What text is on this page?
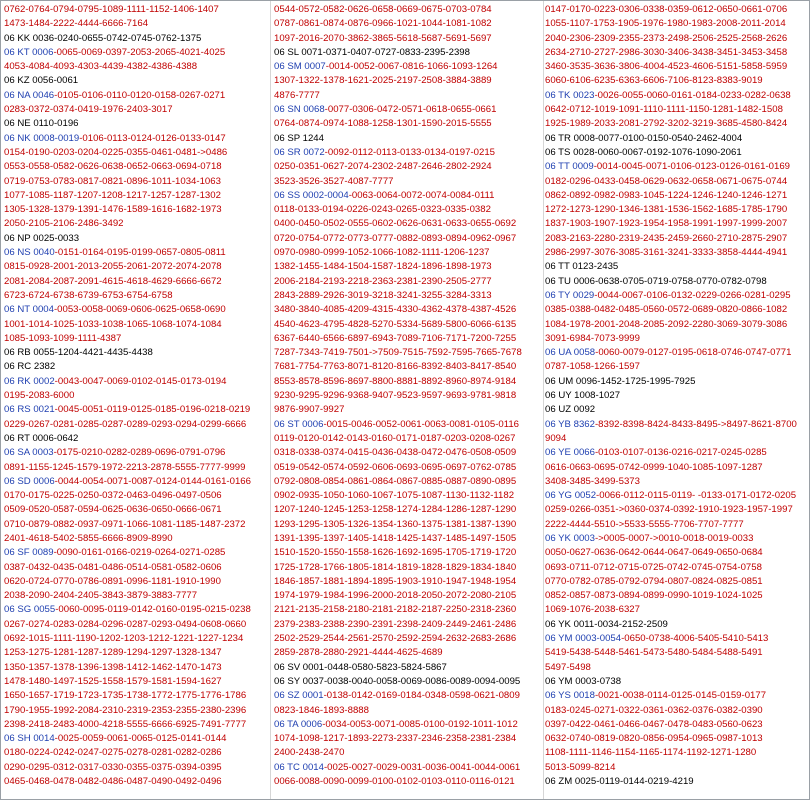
0762-0764-0794-0795-1089-1111-1152-1406-1407
1473-1484-2222-4444-6666-7164
06 KK 0036-0240-0655-0742-0745-0762-1375
06 KT 0006-0065-0069-0397-2053-2065-4021-4025
4053-4084-4093-4303-4439-4382-4386-4388
06 KZ 0056-0061
06 NA 0046-0105-0106-0110-0120-0158-0267-0271
0283-0372-0374-0419-1976-2403-3017
06 NE 0110-0196
06 NK 0008-0019-0106-0113-0124-0126-0133-0147
0154-0190-0203-0204-0225-0355-0461-0481->0486
0553-0558-0582-0626-0638-0652-0663-0694-0718
0719-0753-0783-0817-0821-0896-1011-1034-1063
1077-1085-1187-1207-1208-1217-1257-1287-1302
1305-1328-1379-1391-1476-1589-1616-1682-1973
2050-2105-2106-2486-3492
06 NP 0025-0033
06 NS 0040-0151-0164-0195-0199-0657-0805-0811
0815-0928-2001-2013-2055-2061-2072-2074-2078
2081-2084-2087-2091-4615-4618-4629-6666-6672
6723-6724-6738-6739-6753-6754-6758
06 NT 0004-0053-0058-0069-0606-0625-0658-0690
1001-1014-1025-1033-1038-1065-1068-1074-1084
1085-1093-1099-1111-4387
06 RB 0055-1204-4421-4435-4438
06 RC 2382
06 RK 0002-0043-0047-0069-0102-0145-0173-0194
0195-2083-6000
06 RS 0021-0045-0051-0119-0125-0185-0196-0218-0219
0229-0267-0281-0285-0287-0289-0293-0294-0299-6666
06 RT 0006-0642
06 SA 0003-0175-0210-0282-0289-0696-0791-0796
0891-1155-1245-1579-1972-2213-2878-5555-7777-9999
06 SD 0006-0044-0054-0071-0087-0124-0144-0161-0166
0170-0175-0225-0250-0372-0463-0496-0497-0506
0509-0520-0587-0594-0625-0636-0650-0666-0671
0710-0879-0882-0937-0971-1066-1081-1185-1487-2372
2401-4618-5402-5855-6666-8909-8990
06 SF 0089-0090-0161-0166-0219-0264-0271-0285
0387-0432-0435-0481-0486-0514-0581-0582-0606
0620-0724-0770-0786-0891-0996-1181-1910-1990
2038-2090-2404-2405-3843-3879-3883-7777
06 SG 0055-0060-0095-0119-0142-0160-0195-0215-0238
0267-0274-0283-0284-0296-0287-0293-0494-0608-0660
0692-1015-1111-1190-1202-1203-1212-1221-1227-1234
1253-1275-1281-1287-1289-1294-1297-1328-1347
1350-1357-1378-1396-1398-1412-1462-1470-1473
1478-1480-1497-1525-1558-1579-1581-1594-1627
1650-1657-1719-1723-1735-1738-1772-1775-1776-1786
1790-1955-1992-2084-2310-2319-2353-2355-2380-2396
2398-2418-2483-4000-4218-5555-6666-6925-7491-7777
06 SH 0014-0025-0059-0061-0065-0125-0141-0144
0180-0224-0242-0247-0275-0278-0281-0282-0286
0290-0295-0312-0317-0330-0355-0375-0394-0395
0465-0468-0478-0482-0486-0487-0490-0492-0496
0544-0572-0582-0626-0658-0669-0675-0703-0784
0787-0861-0874-0876-0966-1021-1044-1081-1082
1097-2016-2070-3862-3865-5618-5687-5691-5697
06 SL 0071-0371-0407-0727-0833-2395-2398
06 SM 0007-0014-0052-0067-0816-1066-1093-1264
1307-1322-1378-1621-2025-2197-2508-3884-3889
4876-7777
06 SN 0068-0077-0306-0472-0571-0618-0655-0661
0764-0874-0974-1088-1258-1301-1590-2015-5555
06 SP 1244
06 SR 0072-0092-0112-0113-0133-0134-0197-0215
0250-0351-0627-2074-2302-2487-2646-2802-2924
3523-3526-3527-4087-7777
06 SS 0002-0004-0063-0064-0072-0074-0084-0111
0118-0133-0194-0226-0243-0265-0323-0335-0382
0400-0450-0502-0555-0602-0626-0631-0633-0655-0692
0720-0754-0772-0773-0777-0882-0893-0894-0962-0967
0970-0980-0999-1052-1066-1082-1111-1206-1237
1382-1455-1484-1504-1587-1824-1896-1898-1973
2006-2184-2193-2218-2363-2381-2390-2505-2777
2843-2889-2926-3019-3218-3241-3255-3284-3313
3480-3840-4085-4209-4315-4330-4362-4378-4387-4526
4540-4623-4795-4828-5270-5334-5689-5800-6066-6135
6367-6440-6566-6897-6943-7089-7106-7171-7200-7255
7287-7343-7419-7501->7509-7515-7592-7595-7665-7678
7681-7754-7763-8071-8120-8166-8392-8403-8417-8540
8553-8578-8596-8697-8800-8881-8892-8960-8974-9184
9230-9295-9296-9368-9407-9523-9597-9693-9781-9818
9876-9907-9927
06 ST 0006-0015-0046-0052-0061-0063-0081-0105-0116
0119-0120-0142-0143-0160-0171-0187-0203-0208-0267
0318-0338-0374-0415-0436-0438-0472-0476-0508-0509
0519-0542-0574-0592-0606-0693-0695-0697-0762-0785
0792-0808-0854-0861-0864-0867-0885-0887-0890-0895
0902-0935-1050-1060-1067-1075-1087-1130-1132-1182
1207-1240-1245-1253-1258-1274-1284-1286-1287-1290
1293-1295-1305-1326-1354-1360-1375-1381-1387-1390
1391-1395-1397-1405-1418-1425-1437-1485-1497-1505
1510-1520-1550-1558-1626-1692-1695-1705-1719-1720
1725-1728-1766-1805-1814-1819-1828-1829-1834-1840
1846-1857-1881-1894-1895-1903-1910-1947-1948-1954
1974-1979-1984-1996-2000-2018-2050-2072-2080-2105
2121-2135-2158-2180-2181-2182-2187-2250-2318-2360
2379-2383-2388-2390-2391-2398-2409-2449-2461-2486
2502-2529-2544-2561-2570-2592-2594-2632-2683-2686
2859-2878-2880-2921-4444-4625-4689
06 SV 0001-0448-0580-5823-5824-5867
06 SY 0037-0038-0040-0058-0069-0086-0089-0094-0095
06 SZ 0001-0138-0142-0169-0184-0348-0598-0621-0809
0823-1846-1893-8888
06 TA 0006-0034-0053-0071-0085-0100-0192-1011-1012
1074-1098-1217-1893-2273-2337-2346-2358-2381-2384
2400-2438-2470
06 TC 0014-0025-0027-0029-0031-0036-0041-0044-0061
0066-0088-0090-0099-0100-0102-0103-0110-0116-0121
0147-0170-0223-0306-0338-0359-0612-0650-0661-0706
1055-1107-1753-1905-1976-1980-1983-2008-2011-2014
2040-2306-2309-2355-2373-2498-2506-2525-2568-2626
2634-2710-2727-2986-3030-3406-3438-3451-3453-3458
3460-3535-3636-3806-4004-4523-4606-5151-5858-5959
6060-6106-6235-6363-6606-7106-8123-8383-9019
06 TK 0023-0026-0055-0060-0161-0184-0233-0282-0638
0642-0712-1019-1091-1110-1111-1150-1281-1482-1508
1925-1989-2033-2081-2792-3202-3219-3685-4580-8424
06 TR 0008-0077-0100-0150-0540-2462-4004
06 TS 0028-0060-0067-0192-1076-1090-2061
06 TT 0009-0014-0045-0071-0106-0123-0126-0161-0169
0182-0296-0433-0458-0629-0632-0658-0671-0675-0744
0862-0892-0982-0983-1045-1224-1246-1240-1246-1271
1272-1273-1290-1346-1381-1536-1562-1685-1785-1790
1837-1903-1907-1923-1954-1958-1991-1997-1999-2007
2083-2163-2280-2319-2435-2459-2660-2710-2875-2907
2986-2997-3076-3085-3161-3241-3333-3858-4444-4941
06 TT 0123-2435
06 TU 0006-0638-0705-0719-0758-0770-0782-0798
06 TY 0029-0044-0067-0106-0132-0229-0266-0281-0295
0385-0388-0482-0485-0560-0572-0689-0820-0866-1082
1084-1978-2001-2048-2085-2092-2280-3069-3079-3086
3091-6984-7073-9999
06 UA 0058-0060-0079-0127-0195-0618-0746-0747-0771
0787-1058-1266-1597
06 UM 0096-1452-1725-1995-7925
06 UY 1008-1027
06 UZ 0092
06 YB 8362-8392-8398-8424-8433-8495->8497-8621-8700
9094
06 YE 0066-0103-0107-0136-0216-0217-0245-0285
0616-0663-0695-0742-0999-1040-1085-1097-1287
3408-3485-3499-5373
06 YG 0052-0066-0112-0115-0119- -0133-0171-0172-0205
0259-0266-0351->0360-0374-0392-1910-1923-1957-1997
2222-4444-5510->5533-5555-7706-7707-7777
06 YK 0003->0005-0007->0010-0018-0019-0033
0050-0627-0636-0642-0644-0647-0649-0650-0684
0693-0711-0712-0715-0725-0742-0745-0754-0758
0770-0782-0785-0792-0794-0807-0824-0825-0851
0852-0857-0873-0894-0899-0990-1019-1024-1025
1069-1076-2038-6327
06 YK 0011-0034-2152-2509
06 YM 0003-0054-0650-0738-4006-5405-5410-5413
5419-5438-5448-5461-5473-5480-5484-5488-5491
5497-5498
06 YM 0003-0738
06 YS 0018-0021-0038-0114-0125-0145-0159-0177
0183-0245-0271-0322-0361-0362-0376-0382-0390
0397-0422-0461-0466-0467-0478-0483-0560-0623
0632-0740-0819-0820-0856-0954-0965-0987-1013
1108-1111-1146-1154-1165-1174-1192-1271-1280
5013-5099-8214
06 ZM 0025-0119-0144-0219-4219
